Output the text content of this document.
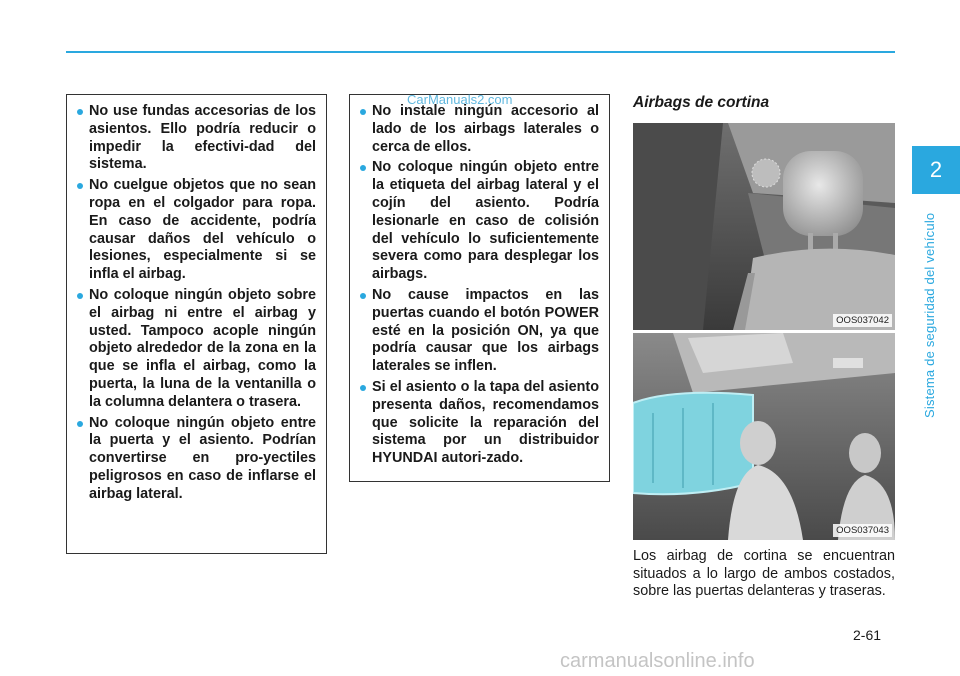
No use fundas accesorias de los asientos. Ello podría reducir o impedir la efectivi-dad del sistema.
No cuelgue objetos que no sean ropa en el colgador para ropa. En caso de accidente, podría causar daños del vehículo o lesiones, especialmente si se infla el airbag.
No coloque ningún objeto sobre el airbag ni entre el airbag y usted. Tampoco acople ningún objeto alrededor de la zona en la que se infla el airbag, como la puerta, la luna de la ventanilla o la columna delantera o trasera.
No coloque ningún objeto entre la puerta y el asiento. Podrían convertirse en pro-yectiles peligrosos en caso de inflarse el airbag lateral.
No instale ningún accesorio al lado de los airbags laterales o cerca de ellos.
No coloque ningún objeto entre la etiqueta del airbag lateral y el cojín del asiento. Podría lesionarle en caso de colisión del vehículo lo suficientemente severa como para desplegar los airbags.
No cause impactos en las puertas cuando el botón POWER esté en la posición ON, ya que podría causar que los airbags laterales se inflen.
Si el asiento o la tapa del asiento presenta daños, recomendamos que solicite la reparación del sistema por un distribuidor HYUNDAI autori-zado.
CarManuals2.com	Airbags de cortina
OOS037042
OOS037043

Los airbag de cortina se encuentran situados a lo largo de ambos costados, sobre las puertas delanteras y traseras.

2
Sistema de seguridad del vehículo
2-61
carmanualsonline.info
